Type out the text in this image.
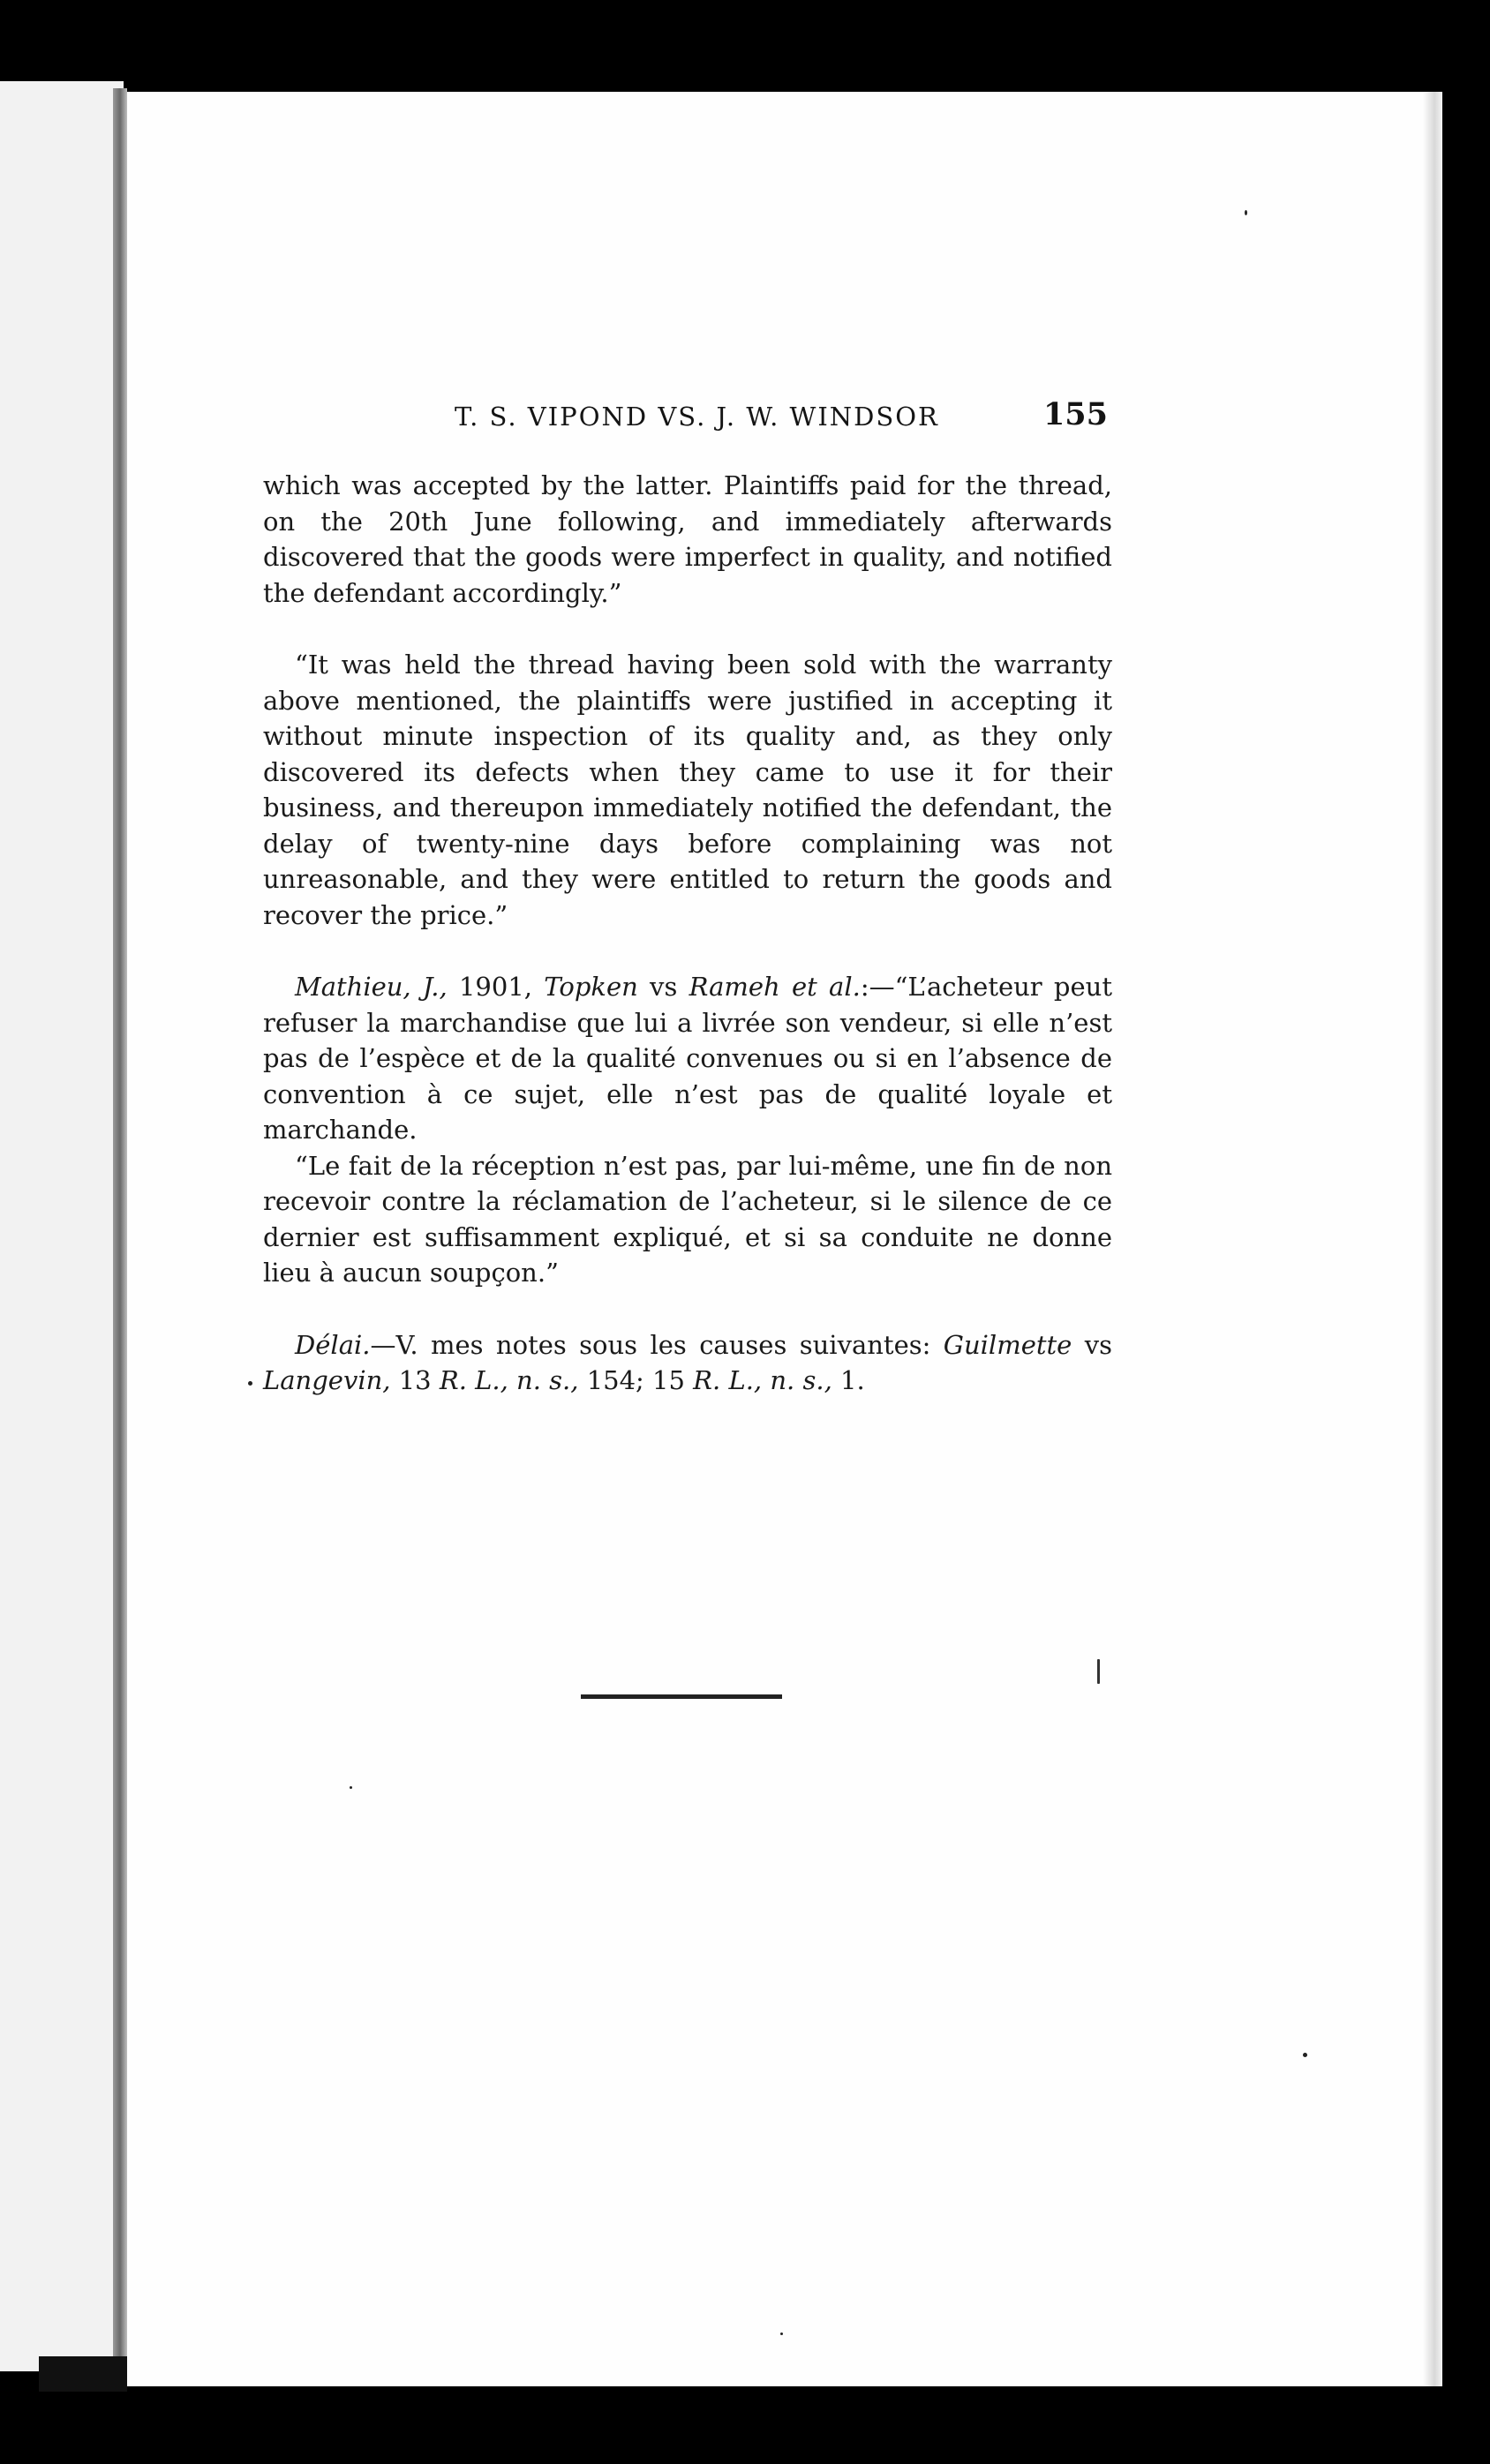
T. S. VIPOND VS. J. W. WINDSOR	155

which was accepted by the latter. Plaintiffs paid for the thread, on the 20th June following, and immediately afterwards discovered that the goods were imperfect in quality, and notified the defendant accordingly.”

“It was held the thread having been sold with the warranty above mentioned, the plaintiffs were justified in accepting it without minute inspection of its quality and, as they only discovered its defects when they came to use it for their business, and thereupon immediately notified the defendant, the delay of twenty-nine days before complaining was not unreasonable, and they were entitled to return the goods and recover the price.”

Mathieu, J., 1901, Topken vs Rameh et al.:—“L’acheteur peut refuser la marchandise que lui a livrée son vendeur, si elle n’est pas de l’espèce et de la qualité convenues ou si en l’absence de convention à ce sujet, elle n’est pas de qualité loyale et marchande.

“Le fait de la réception n’est pas, par lui-même, une fin de non recevoir contre la réclamation de l’acheteur, si le silence de ce dernier est suffisamment expliqué, et si sa conduite ne donne lieu à aucun soupçon.”

Délai.—V. mes notes sous les causes suivantes: Guilmette vs Langevin, 13 R. L., n. s., 154; 15 R. L., n. s., 1.
